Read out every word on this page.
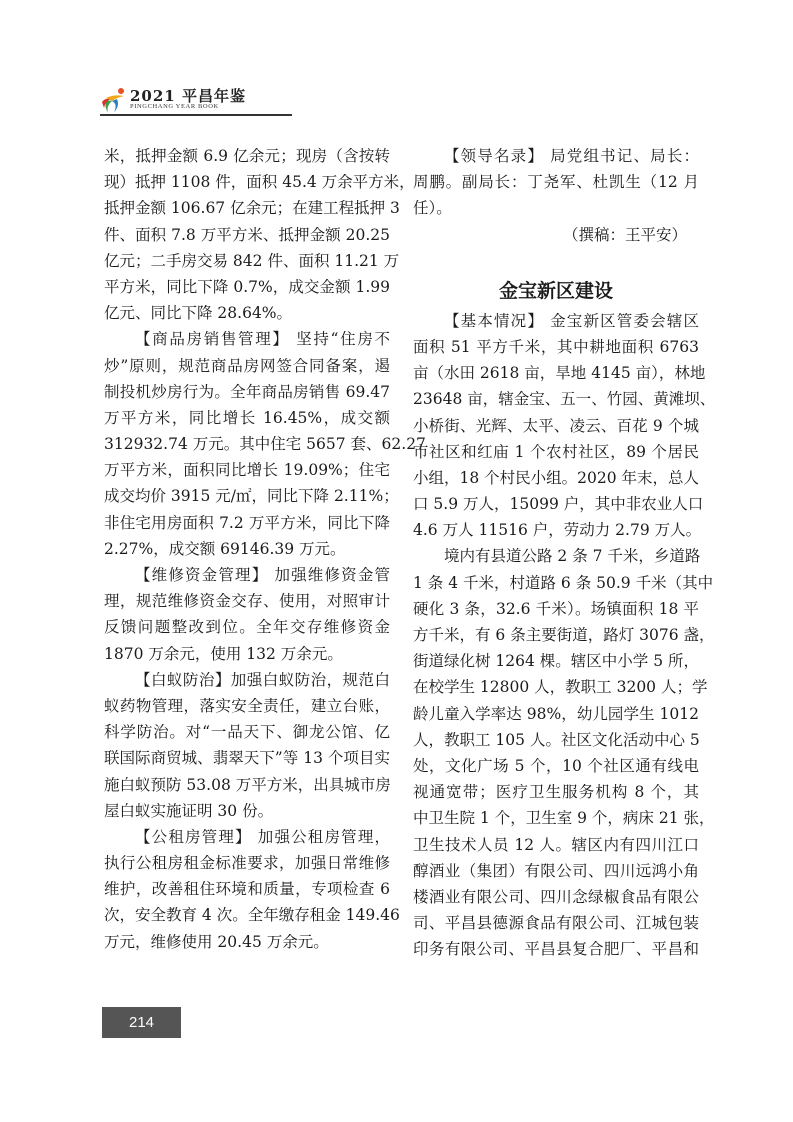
2021 平昌年鉴
PINGCHANG YEAR BOOK
米，抵押金额 6.9 亿余元；现房（含按转
现）抵押 1108 件，面积 45.4 万余平方米，
抵押金额 106.67 亿余元；在建工程抵押 3
件、面积 7.8 万平方米、抵押金额 20.25
亿元；二手房交易 842 件、面积 11.21 万
平方米，同比下降 0.7%，成交金额 1.99
亿元、同比下降 28.64%。
【商品房销售管理】 坚持“住房不
炒”原则，规范商品房网签合同备案，遏
制投机炒房行为。全年商品房销售 69.47
万平方米，同比增长 16.45%，成交额
312932.74 万元。其中住宅 5657 套、62.27
万平方米，面积同比增长 19.09%；住宅
成交均价 3915 元/㎡，同比下降 2.11%；
非住宅用房面积 7.2 万平方米，同比下降
2.27%，成交额 69146.39 万元。
【维修资金管理】 加强维修资金管
理，规范维修资金交存、使用，对照审计
反馈问题整改到位。全年交存维修资金
1870 万余元，使用 132 万余元。
【白蚁防治】加强白蚁防治，规范白
蚁药物管理，落实安全责任，建立台账，
科学防治。对“一品天下、御龙公馆、亿
联国际商贸城、翡翠天下”等 13 个项目实
施白蚁预防 53.08 万平方米，出具城市房
屋白蚁实施证明 30 份。
【公租房管理】 加强公租房管理，
执行公租房租金标准要求，加强日常维修
维护，改善租住环境和质量，专项检查 6
次，安全教育 4 次。全年缴存租金 149.46
万元，维修使用 20.45 万余元。
【领导名录】 局党组书记、局长：
周鹏。副局长：丁尧军、杜凯生（12 月
任）。
（撰稿：王平安）
金宝新区建设
【基本情况】 金宝新区管委会辖区
面积 51 平方千米，其中耕地面积 6763
亩（水田 2618 亩，旱地 4145 亩），林地
23648 亩，辖金宝、五一、竹园、黄滩坝、
小桥街、光辉、太平、凌云、百花 9 个城
市社区和红庙 1 个农村社区，89 个居民
小组，18 个村民小组。2020 年末，总人
口 5.9 万人，15099 户，其中非农业人口
4.6 万人 11516 户，劳动力 2.79 万人。
境内有县道公路 2 条 7 千米，乡道路
1 条 4 千米，村道路 6 条 50.9 千米（其中
硬化 3 条，32.6 千米）。场镇面积 18 平
方千米，有 6 条主要街道，路灯 3076 盏，
街道绿化树 1264 棵。辖区中小学 5 所，
在校学生 12800 人，教职工 3200 人；学
龄儿童入学率达 98%，幼儿园学生 1012
人，教职工 105 人。社区文化活动中心 5
处，文化广场 5 个，10 个社区通有线电
视通宽带；医疗卫生服务机构 8 个，其
中卫生院 1 个，卫生室 9 个，病床 21 张，
卫生技术人员 12 人。辖区内有四川江口
醇酒业（集团）有限公司、四川远鸿小角
楼酒业有限公司、四川念绿椒食品有限公
司、平昌县德源食品有限公司、江城包装
印务有限公司、平昌县复合肥厂、平昌和
214
